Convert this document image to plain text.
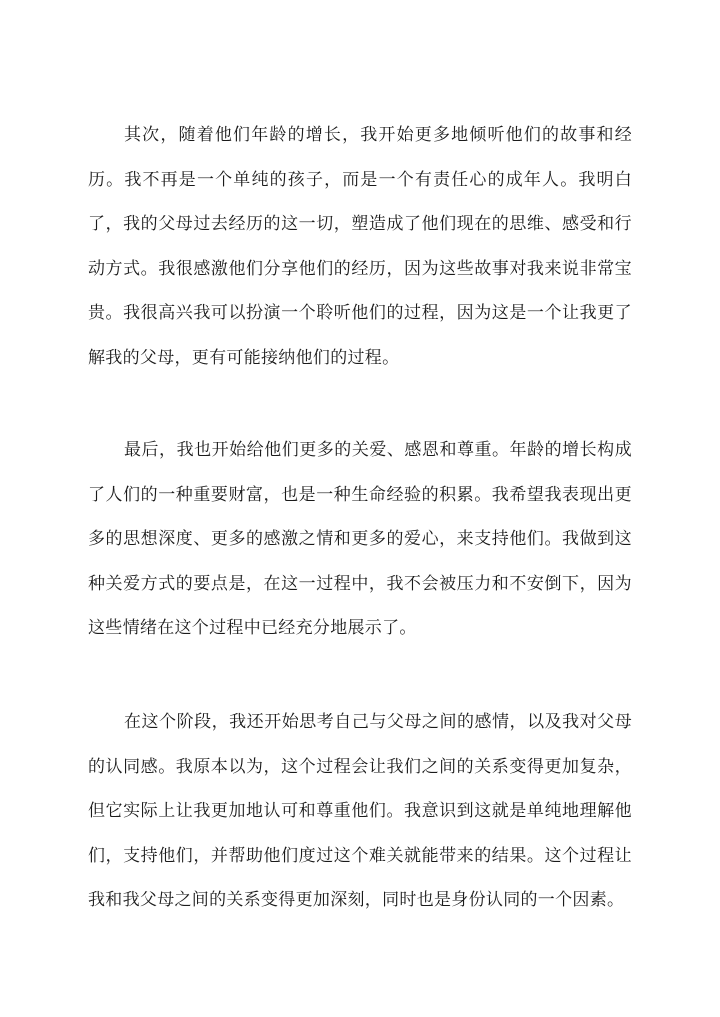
其次，随着他们年龄的增长，我开始更多地倾听他们的故事和经历。我不再是一个单纯的孩子，而是一个有责任心的成年人。我明白了，我的父母过去经历的这一切，塑造成了他们现在的思维、感受和行动方式。我很感激他们分享他们的经历，因为这些故事对我来说非常宝贵。我很高兴我可以扮演一个聆听他们的过程，因为这是一个让我更了解我的父母，更有可能接纳他们的过程。

最后，我也开始给他们更多的关爱、感恩和尊重。年龄的增长构成了人们的一种重要财富，也是一种生命经验的积累。我希望我表现出更多的思想深度、更多的感激之情和更多的爱心，来支持他们。我做到这种关爱方式的要点是，在这一过程中，我不会被压力和不安倒下，因为这些情绪在这个过程中已经充分地展示了。

在这个阶段，我还开始思考自己与父母之间的感情，以及我对父母的认同感。我原本以为，这个过程会让我们之间的关系变得更加复杂，但它实际上让我更加地认可和尊重他们。我意识到这就是单纯地理解他们，支持他们，并帮助他们度过这个难关就能带来的结果。这个过程让我和我父母之间的关系变得更加深刻，同时也是身份认同的一个因素。
